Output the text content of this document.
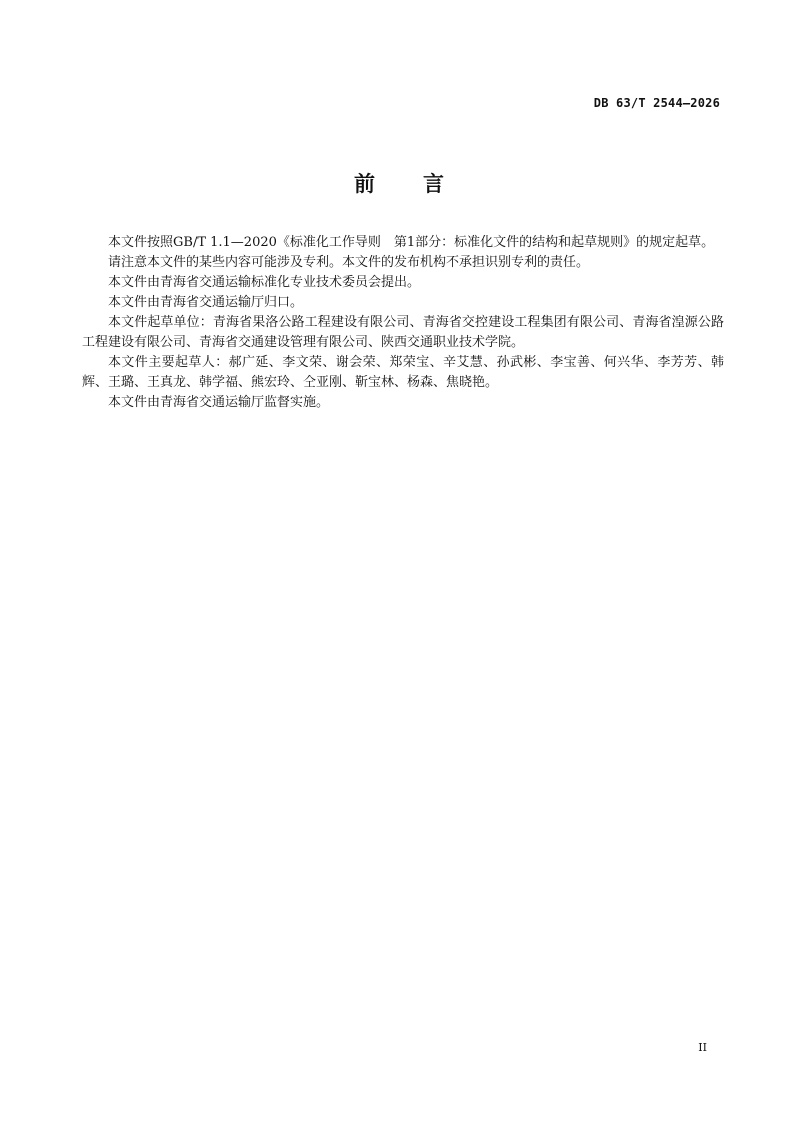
DB 63/T 2544—2026
前　　言

本文件按照GB/T 1.1—2020《标准化工作导则　第1部分：标准化文件的结构和起草规则》的规定起草。

请注意本文件的某些内容可能涉及专利。本文件的发布机构不承担识别专利的责任。

本文件由青海省交通运输标准化专业技术委员会提出。

本文件由青海省交通运输厅归口。

本文件起草单位：青海省果洛公路工程建设有限公司、青海省交控建设工程集团有限公司、青海省湟源公路工程建设有限公司、青海省交通建设管理有限公司、陕西交通职业技术学院。

本文件主要起草人：郝广延、李文荣、谢会荣、郑荣宝、辛艾慧、孙武彬、李宝善、何兴华、李芳芳、韩辉、王璐、王真龙、韩学福、熊宏玲、仝亚刚、靳宝林、杨森、焦晓艳。

本文件由青海省交通运输厅监督实施。

II
